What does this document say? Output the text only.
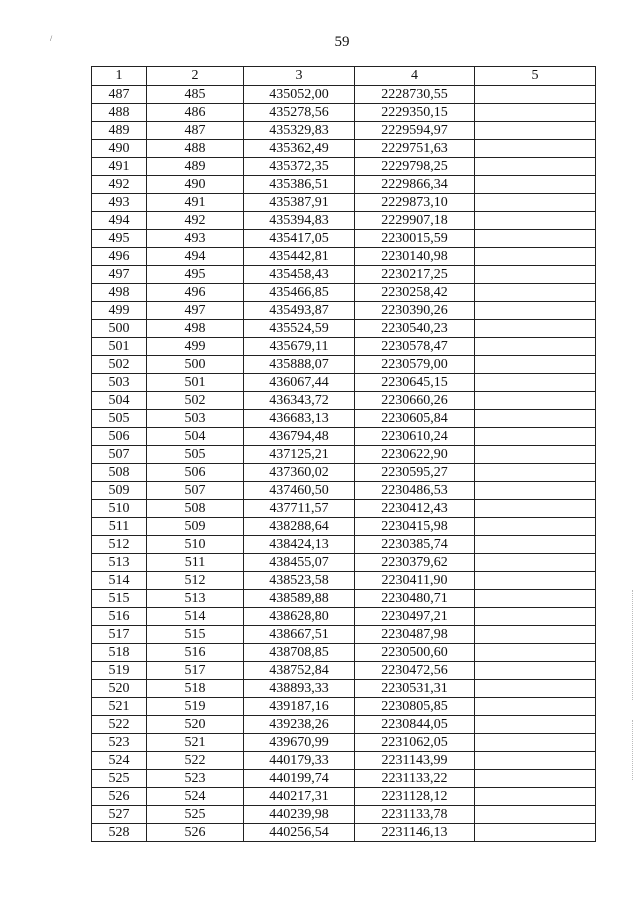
59
/
1	2	3	4	5
487	485	435052,00	2228730,55	
488	486	435278,56	2229350,15	
489	487	435329,83	2229594,97	
490	488	435362,49	2229751,63	
491	489	435372,35	2229798,25	
492	490	435386,51	2229866,34	
493	491	435387,91	2229873,10	
494	492	435394,83	2229907,18	
495	493	435417,05	2230015,59	
496	494	435442,81	2230140,98	
497	495	435458,43	2230217,25	
498	496	435466,85	2230258,42	
499	497	435493,87	2230390,26	
500	498	435524,59	2230540,23	
501	499	435679,11	2230578,47	
502	500	435888,07	2230579,00	
503	501	436067,44	2230645,15	
504	502	436343,72	2230660,26	
505	503	436683,13	2230605,84	
506	504	436794,48	2230610,24	
507	505	437125,21	2230622,90	
508	506	437360,02	2230595,27	
509	507	437460,50	2230486,53	
510	508	437711,57	2230412,43	
511	509	438288,64	2230415,98	
512	510	438424,13	2230385,74	
513	511	438455,07	2230379,62	
514	512	438523,58	2230411,90	
515	513	438589,88	2230480,71	
516	514	438628,80	2230497,21	
517	515	438667,51	2230487,98	
518	516	438708,85	2230500,60	
519	517	438752,84	2230472,56	
520	518	438893,33	2230531,31	
521	519	439187,16	2230805,85	
522	520	439238,26	2230844,05	
523	521	439670,99	2231062,05	
524	522	440179,33	2231143,99	
525	523	440199,74	2231133,22	
526	524	440217,31	2231128,12	
527	525	440239,98	2231133,78	
528	526	440256,54	2231146,13	
